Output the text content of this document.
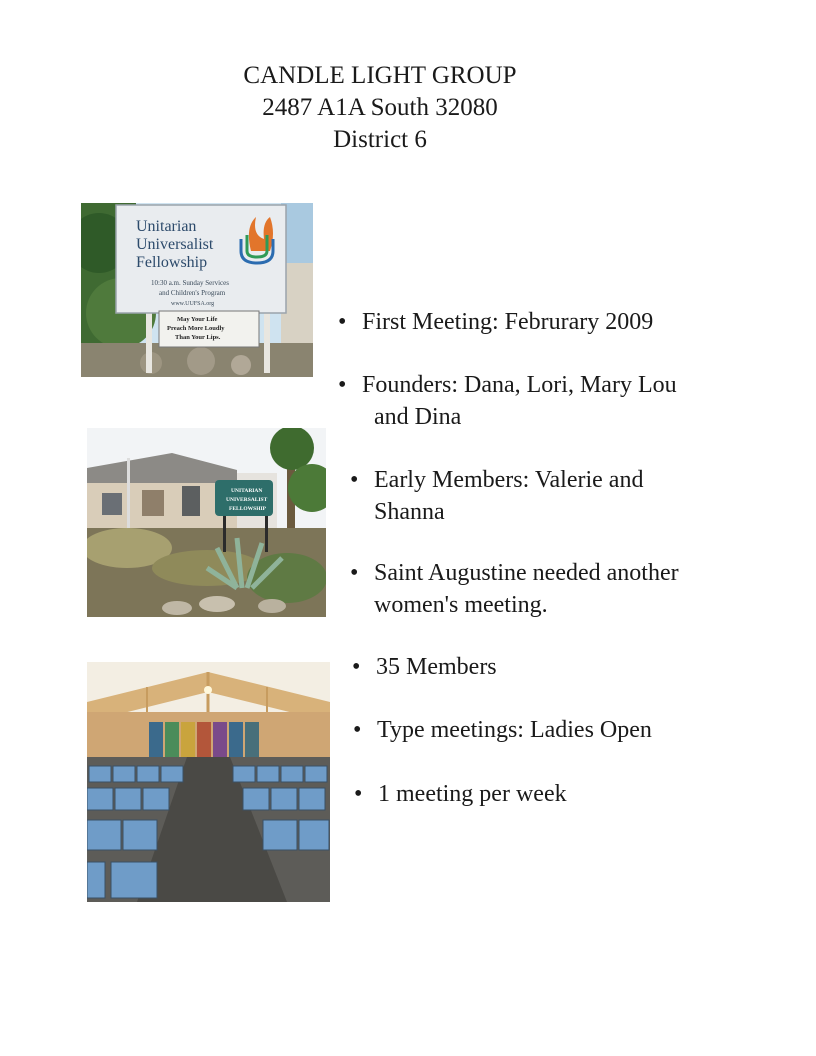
CANDLE LIGHT GROUP
2487 A1A South 32080
District 6
Unitarian
Universalist
Fellowship
10:30 a.m. Sunday Services
and Children's Program
www.UUFSA.org
May Your Life
Preach More Loudly
Than Your Lips.
UNITARIAN
UNIVERSALIST
FELLOWSHIP
• First Meeting: Februrary 2009
• Founders: Dana, Lori, Mary Lou
and Dina
• Early Members: Valerie and
Shanna
• Saint Augustine needed another
women's meeting.
• 35 Members
• Type meetings: Ladies Open
• 1 meeting per week
